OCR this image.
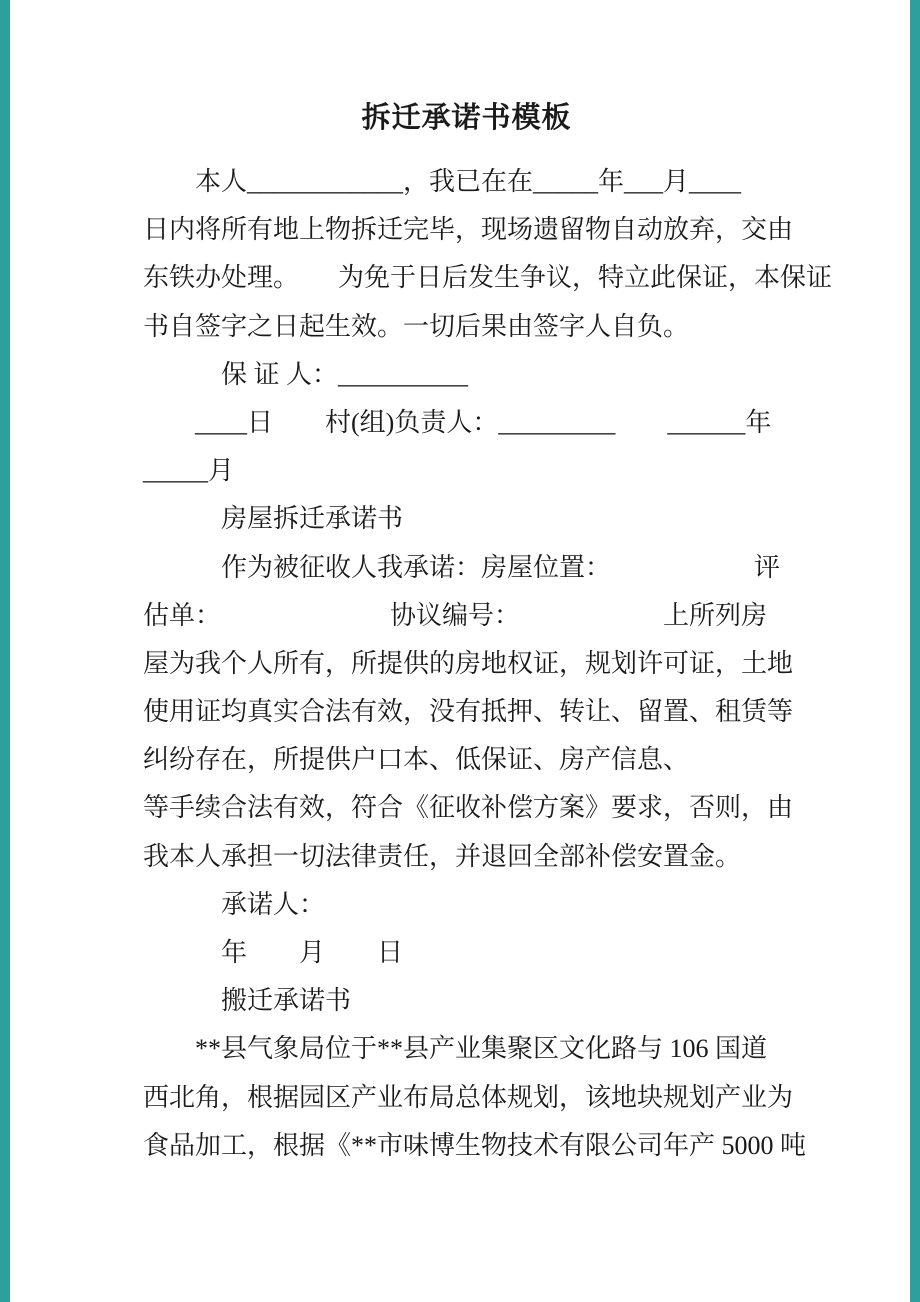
拆迁承诺书模板
　　本人____________，我已在在_____年___月____
日内将所有地上物拆迁完毕，现场遗留物自动放弃，交由
东铁办处理。　　为免于日后发生争议，特立此保证，本保证
书自签字之日起生效。一切后果由签字人自负。
　　　保 证 人：__________
　　____日　　村(组)负责人：_________　　______年
_____月
　　　房屋拆迁承诺书
　　　作为被征收人我承诺：房屋位置：　　　　　　评
估单：　　　　　　　协议编号：　　　　　　上所列房
屋为我个人所有，所提供的房地权证，规划许可证，土地
使用证均真实合法有效，没有抵押、转让、留置、租赁等
纠纷存在，所提供户口本、低保证、房产信息、
等手续合法有效，符合《征收补偿方案》要求，否则，由
我本人承担一切法律责任，并退回全部补偿安置金。
　　　承诺人：
　　　年　　月　　日
　　　搬迁承诺书
　　**县气象局位于**县产业集聚区文化路与 106 国道
西北角，根据园区产业布局总体规划，该地块规划产业为
食品加工，根据《**市味博生物技术有限公司年产 5000 吨
